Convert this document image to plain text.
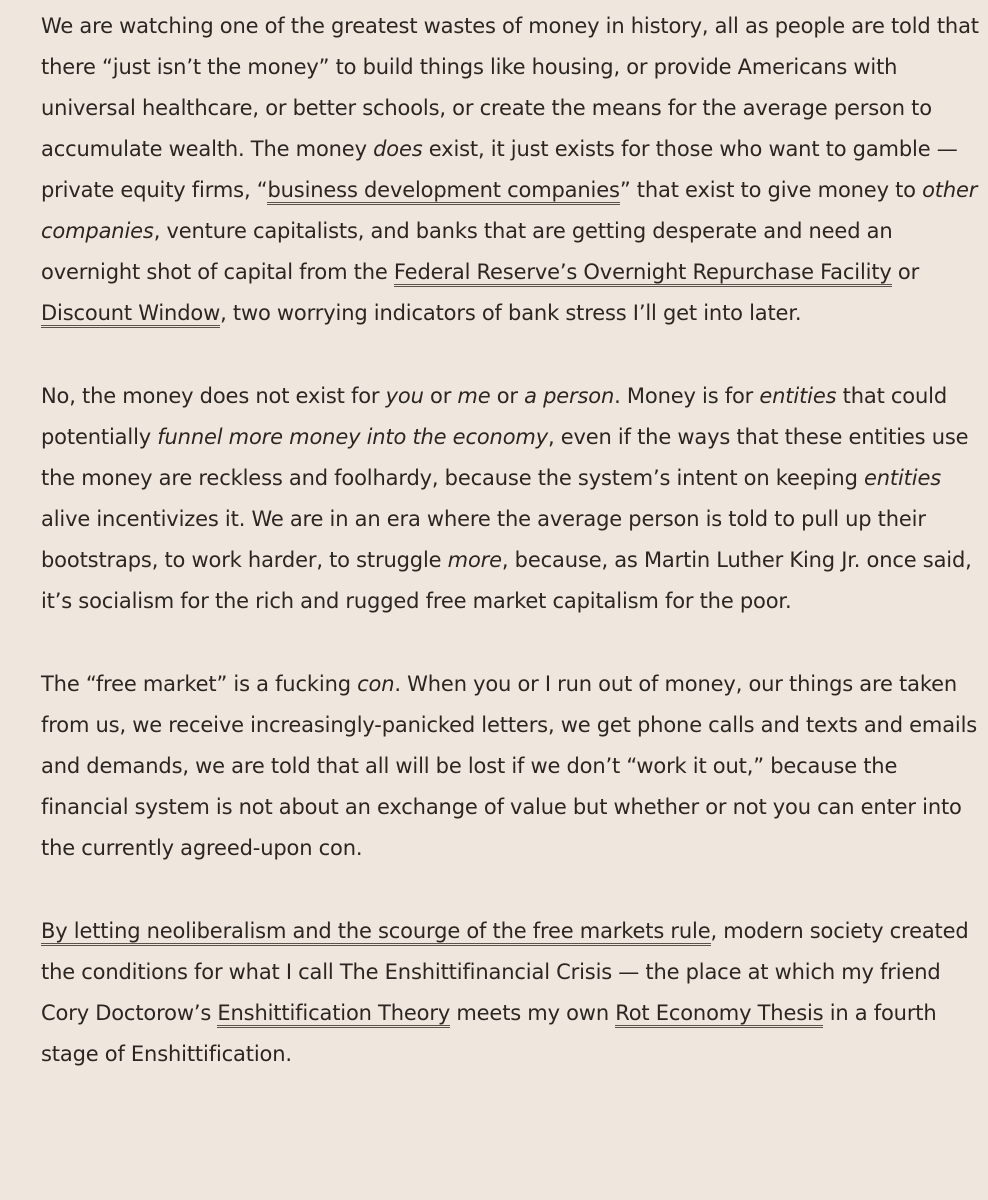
We are watching one of the greatest wastes of money in history, all as people are told that there “just isn’t the money” to build things like housing, or provide Americans with universal healthcare, or better schools, or create the means for the average person to accumulate wealth. The money does exist, it just exists for those who want to gamble — private equity firms, “business development companies” that exist to give money to other companies, venture capitalists, and banks that are getting desperate and need an overnight shot of capital from the Federal Reserve’s Overnight Repurchase Facility or Discount Window, two worrying indicators of bank stress I’ll get into later.

No, the money does not exist for you or me or a person. Money is for entities that could potentially funnel more money into the economy, even if the ways that these entities use the money are reckless and foolhardy, because the system’s intent on keeping entities alive incentivizes it. We are in an era where the average person is told to pull up their bootstraps, to work harder, to struggle more, because, as Martin Luther King Jr. once said, it’s socialism for the rich and rugged free market capitalism for the poor.

The “free market” is a fucking con. When you or I run out of money, our things are taken from us, we receive increasingly-panicked letters, we get phone calls and texts and emails and demands, we are told that all will be lost if we don’t “work it out,” because the financial system is not about an exchange of value but whether or not you can enter into the currently agreed-upon con.

By letting neoliberalism and the scourge of the free markets rule, modern society created the conditions for what I call The Enshittifinancial Crisis — the place at which my friend Cory Doctorow’s Enshittification Theory meets my own Rot Economy Thesis in a fourth stage of Enshittification.
